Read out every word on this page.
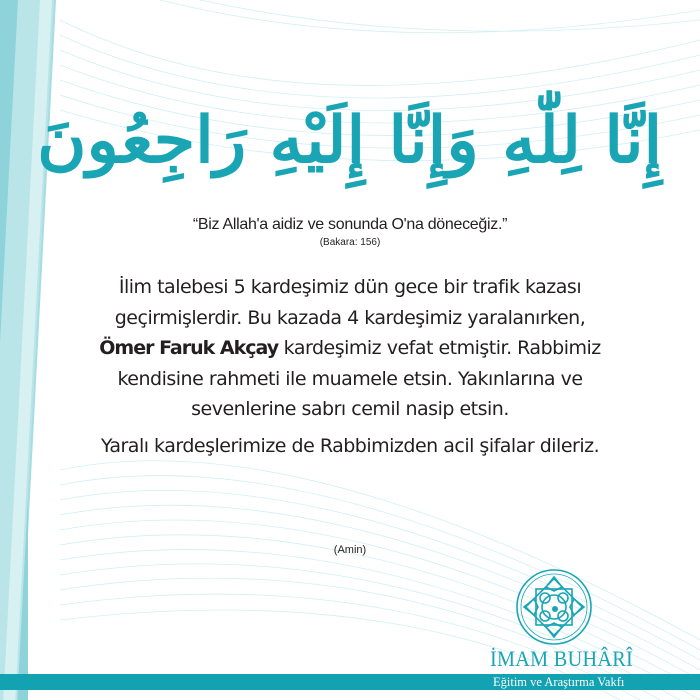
إِنَّا لِلّٰهِ وَإِنَّا إِلَيْهِ رَاجِعُونَ
“Biz Allah'a aidiz ve sonunda O'na döneceğiz.”
(Bakara: 156)

İlim talebesi 5 kardeşimiz dün gece bir trafik kazası geçirmişlerdir. Bu kazada 4 kardeşimiz yaralanırken, Ömer Faruk Akçay kardeşimiz vefat etmiştir. Rabbimiz kendisine rahmeti ile muamele etsin. Yakınlarına ve sevenlerine sabrı cemil nasip etsin.

Yaralı kardeşlerimize de Rabbimizden acil şifalar dileriz.

(Amin)
İMAM BUHÂRÎ
Eğitim ve Araştırma Vakfı
